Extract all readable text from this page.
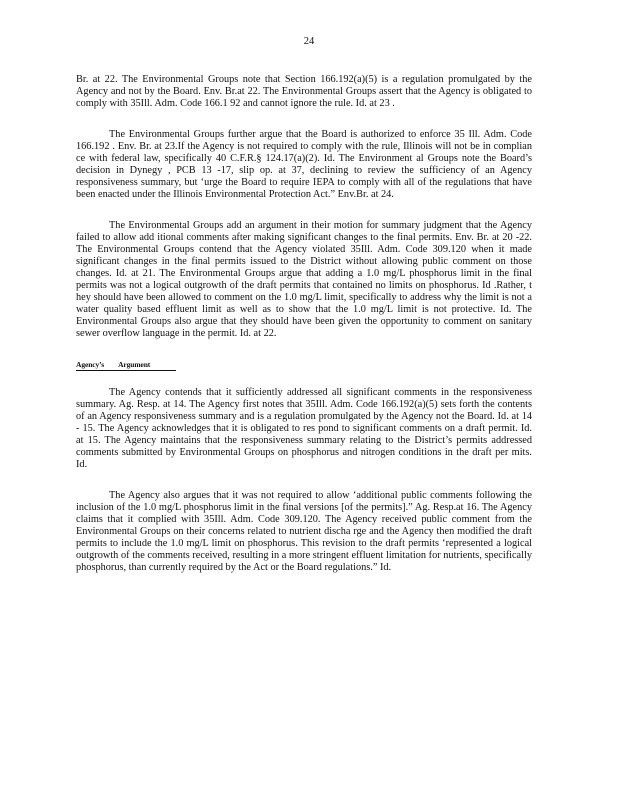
24

Br. at 22. The Environmental Groups note that Section 166.192(a)(5) is a regulation promulgated by the Agency and not by the Board. Env. Br.at 22. The Environmental Groups assert that the Agency is obligated to comply with 35Ill. Adm. Code 166.1 92 and cannot ignore the rule. Id. at 23 .

The Environmental Groups further argue that the Board is authorized to enforce 35 Ill. Adm. Code 166.192 . Env. Br. at 23.If the Agency is not required to comply with the rule, Illinois will not be in complian ce with federal law, specifically 40 C.F.R.§ 124.17(a)(2). Id. The Environment al Groups note the Board’s decision in Dynegy , PCB 13 -17, slip op. at 37, declining to review the sufficiency of an Agency responsiveness summary, but ‘urge the Board to require IEPA to comply with all of the regulations that have been enacted under the Illinois Environmental Protection Act.” Env.Br. at 24.

The Environmental Groups add an argument in their motion for summary judgment that the Agency failed to allow add itional comments after making significant changes to the final permits. Env. Br. at 20 -22. The Environmental Groups contend that the Agency violated 35Ill. Adm. Code 309.120 when it made significant changes in the final permits issued to the District without allowing public comment on those changes. Id. at 21. The Environmental Groups argue that adding a 1.0 mg/L phosphorus limit in the final permits was not a logical outgrowth of the draft permits that contained no limits on phosphorus. Id .Rather, t hey should have been allowed to comment on the 1.0 mg/L limit, specifically to address why the limit is not a water quality based effluent limit as well as to show that the 1.0 mg/L limit is not protective. Id. The Environmental Groups also argue that they should have been given the opportunity to comment on sanitary sewer overflow language in the permit. Id. at 22.

Agency’s Argument

The Agency contends that it sufficiently addressed all significant comments in the responsiveness summary. Ag. Resp. at 14. The Agency first notes that 35Ill. Adm. Code 166.192(a)(5) sets forth the contents of an Agency responsiveness summary and is a regulation promulgated by the Agency not the Board. Id. at 14 - 15. The Agency acknowledges that it is obligated to res pond to significant comments on a draft permit. Id. at 15. The Agency maintains that the responsiveness summary relating to the District’s permits addressed comments submitted by Environmental Groups on phosphorus and nitrogen conditions in the draft per mits. Id.

The Agency also argues that it was not required to allow ‘additional public comments following the inclusion of the 1.0 mg/L phosphorus limit in the final versions [of the permits].” Ag. Resp.at 16. The Agency claims that it complied with 35Ill. Adm. Code 309.120. The Agency received public comment from the Environmental Groups on their concerns related to nutrient discha rge and the Agency then modified the draft permits to include the 1.0 mg/L limit on phosphorus. This revision to the draft permits ‘represented a logical outgrowth of the comments received, resulting in a more stringent effluent limitation for nutrients, specifically phosphorus, than currently required by the Act or the Board regulations.” Id.
